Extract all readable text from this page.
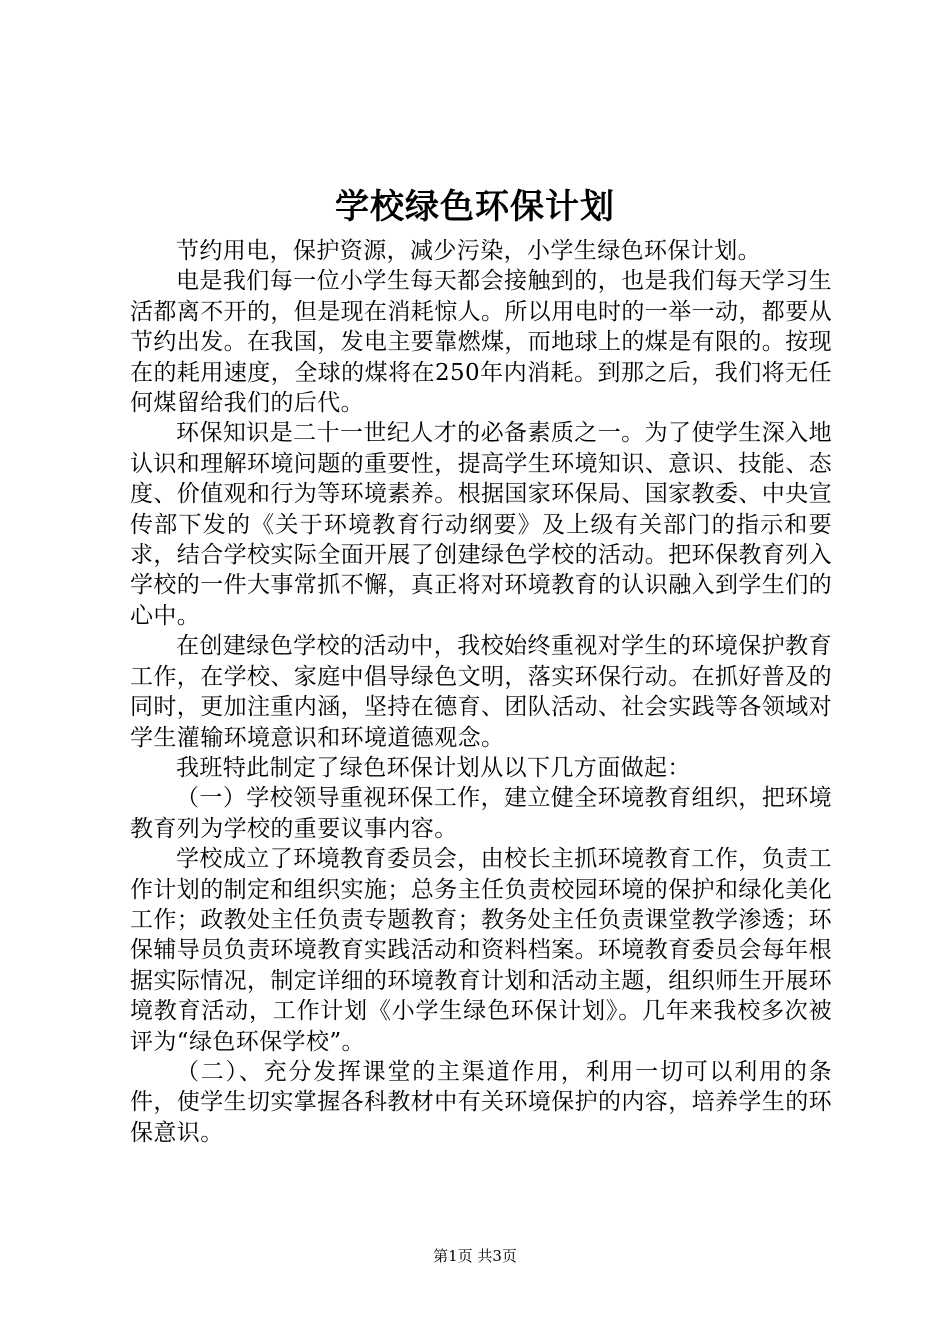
学校绿色环保计划

节约用电，保护资源，减少污染，小学生绿色环保计划。

电是我们每一位小学生每天都会接触到的，也是我们每天学习生活都离不开的，但是现在消耗惊人。所以用电时的一举一动，都要从节约出发。在我国，发电主要靠燃煤，而地球上的煤是有限的。按现在的耗用速度，全球的煤将在250年内消耗。到那之后，我们将无任何煤留给我们的后代。

环保知识是二十一世纪人才的必备素质之一。为了使学生深入地认识和理解环境问题的重要性，提高学生环境知识、意识、技能、态度、价值观和行为等环境素养。根据国家环保局、国家教委、中央宣传部下发的《关于环境教育行动纲要》及上级有关部门的指示和要求，结合学校实际全面开展了创建绿色学校的活动。把环保教育列入学校的一件大事常抓不懈，真正将对环境教育的认识融入到学生们的心中。

在创建绿色学校的活动中，我校始终重视对学生的环境保护教育工作，在学校、家庭中倡导绿色文明，落实环保行动。在抓好普及的同时，更加注重内涵，坚持在德育、团队活动、社会实践等各领域对学生灌输环境意识和环境道德观念。

我班特此制定了绿色环保计划从以下几方面做起：

（一）学校领导重视环保工作，建立健全环境教育组织，把环境教育列为学校的重要议事内容。

学校成立了环境教育委员会，由校长主抓环境教育工作，负责工作计划的制定和组织实施；总务主任负责校园环境的保护和绿化美化工作；政教处主任负责专题教育；教务处主任负责课堂教学渗透；环保辅导员负责环境教育实践活动和资料档案。环境教育委员会每年根据实际情况，制定详细的环境教育计划和活动主题，组织师生开展环境教育活动，工作计划《小学生绿色环保计划》。几年来我校多次被评为“绿色环保学校”。

（二）、充分发挥课堂的主渠道作用，利用一切可以利用的条件，使学生切实掌握各科教材中有关环境保护的内容，培养学生的环保意识。

第1页 共3页
